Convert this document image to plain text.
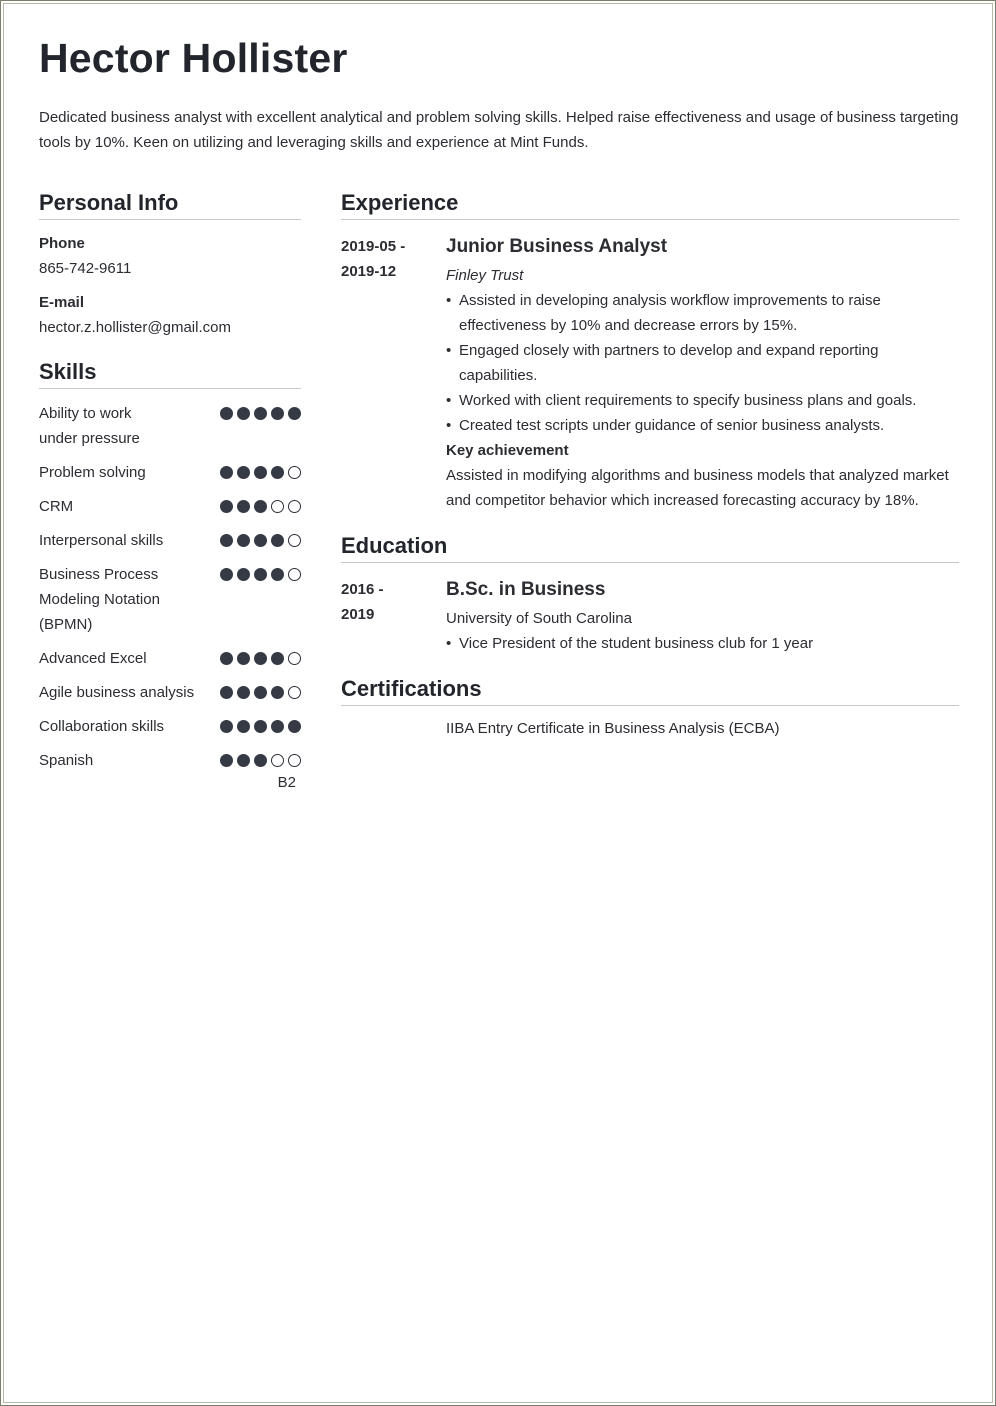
Hector Hollister

Dedicated business analyst with excellent analytical and problem solving skills. Helped raise effectiveness and usage of business targeting tools by 10%. Keen on utilizing and leveraging skills and experience at Mint Funds.

Personal Info
Phone
865-742-9611
E-mail
hector.z.hollister@gmail.com
Skills
Ability to work under pressure
Problem solving
CRM
Interpersonal skills
Business Process Modeling Notation (BPMN)
Advanced Excel
Agile business analysis
Collaboration skills
Spanish
B2
Experience
2019-05 -
2019-12
Junior Business Analyst
Finley Trust
• Assisted in developing analysis workflow improvements to raise effectiveness by 10% and decrease errors by 15%.
• Engaged closely with partners to develop and expand reporting capabilities.
• Worked with client requirements to specify business plans and goals.
• Created test scripts under guidance of senior business analysts.
Key achievement
Assisted in modifying algorithms and business models that analyzed market and competitor behavior which increased forecasting accuracy by 18%.
Education
2016 -
2019
B.Sc. in Business
University of South Carolina
• Vice President of the student business club for 1 year
Certifications
IIBA Entry Certificate in Business Analysis (ECBA)
